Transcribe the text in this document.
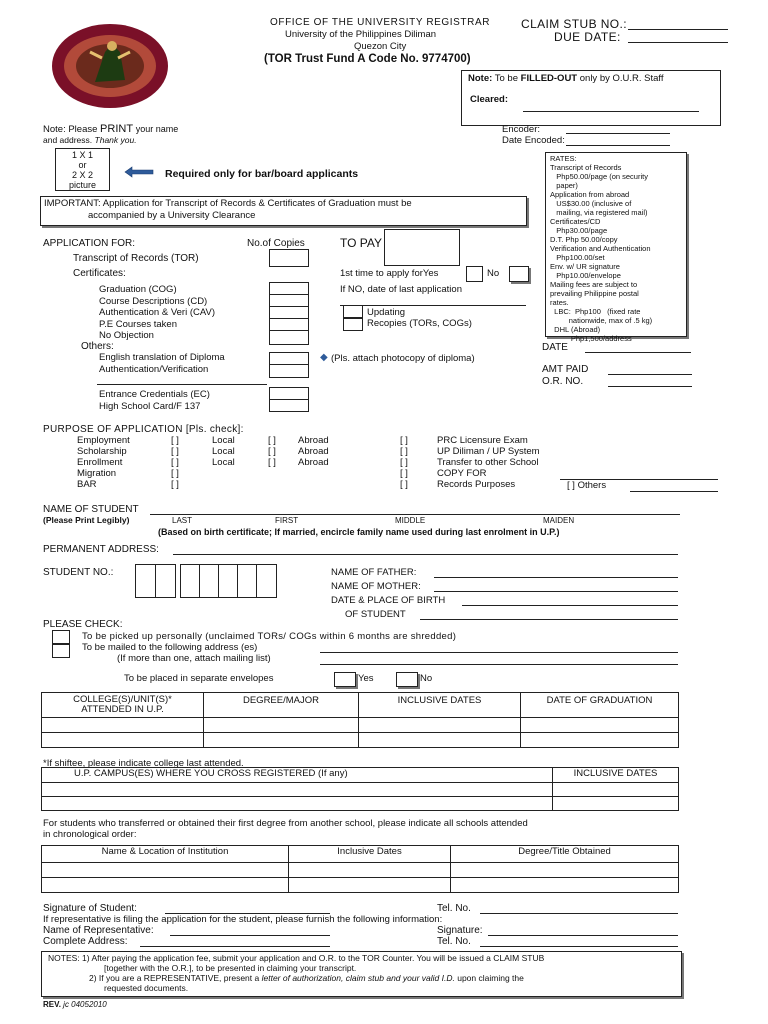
OFFICE OF THE UNIVERSITY REGISTRAR
University of the Philippines Diliman
Quezon City
(TOR Trust Fund A Code No. 9774700)
CLAIM STUB NO.:
DUE DATE:
Note: To be FILLED-OUT only by O.U.R. Staff
Cleared:
Note: Please PRINT your name
and address. Thank you.
Encoder:
Date Encoded:
1 X 1
or
2 X 2
picture
Required only for bar/board applicants
IMPORTANT: Application for Transcript of Records & Certificates of Graduation must be
accompanied by a University Clearance
RATES:
Transcript of Records
Php50.00/page (on security
paper)
Application from abroad
US$30.00 (inclusive of
mailing, via registered mail)
Certificates/CD
Php30.00/page
D.T. Php 50.00/copy
Verification and Authentication
Php100.00/set
Env. w/ UR signature
Php10.00/envelope
Mailing fees are subject to
prevailing Philippine postal
rates.
LBC:  Php100   (fixed rate
nationwide, max of .5 kg)
DHL (Abroad)
Php1,500/address
APPLICATION FOR:	No.of Copies	TO PAY
Transcript of Records (TOR)
Certificates:
Graduation (COG)
Course Descriptions (CD)
Authentication & Veri (CAV)
P.E Courses taken
No Objection
Others:
English translation of Diploma
Authentication/Verification
Entrance Credentials (EC)
High School Card/F 137
1st time to apply forYes	No
If NO, date of last application
Updating
Recopies (TORs, COGs)
◆ (Pls. attach photocopy of diploma)
DATE
AMT PAID
O.R. NO.
PURPOSE OF APPLICATION [Pls. check]:
Employment	[ ]	Local	[ ] Abroad	[ ]	PRC Licensure Exam
Scholarship	[ ]	Local	[ ] Abroad	[ ]	UP Diliman / UP System
Enrollment	[ ]	Local	[ ] Abroad	[ ]	Transfer to other School
Migration	[ ]	[ ]	COPY FOR
BAR	[ ]	[ ]	Records Purposes	[ ] Others
NAME OF STUDENT
(Please Print Legibly)	LAST	FIRST	MIDDLE	MAIDEN
(Based on birth certificate; If married, encircle family name used during last enrolment in U.P.)
PERMANENT ADDRESS:
STUDENT NO.:	NAME OF FATHER:
NAME OF MOTHER:
DATE & PLACE OF BIRTH
OF STUDENT
PLEASE CHECK:
To be picked up personally (unclaimed TORs/ COGs within 6 months are shredded)
To be mailed to the following address (es)
(If more than one, attach mailing list)
To be placed in separate envelopes	Yes	No
COLLEGE(S)/UNIT(S)*
ATTENDED IN U.P.	DEGREE/MAJOR	INCLUSIVE DATES	DATE OF GRADUATION

*If shiftee, please indicate college last attended.
U.P. CAMPUS(ES) WHERE YOU CROSS REGISTERED (If any)	INCLUSIVE DATES

For students who transferred or obtained their first degree from another school, please indicate all schools attended
in chronological order:
Name & Location of Institution	Inclusive Dates	Degree/Title Obtained

Signature of Student:	Tel. No.
If representative is filing the application for the student, please furnish the following information:
Name of Representative:	Signature:
Complete Address:	Tel. No.
NOTES: 1) After paying the application fee, submit your application and O.R. to the TOR Counter. You will be issued a CLAIM STUB
[together with the O.R.], to be presented in claiming your transcript.
2) If you are a REPRESENTATIVE, present a letter of authorization, claim stub and your valid I.D. upon claiming the
requested documents.
REV. jc 04052010
